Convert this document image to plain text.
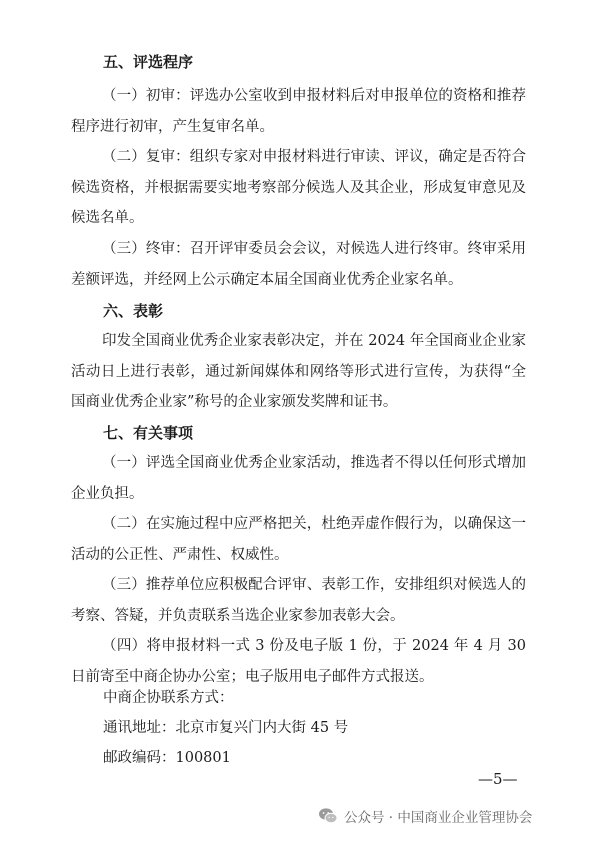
五、评选程序
（一）初审：评选办公室收到申报材料后对申报单位的资格和推荐程序进行初审，产生复审名单。
（二）复审：组织专家对申报材料进行审读、评议，确定是否符合候选资格，并根据需要实地考察部分候选人及其企业，形成复审意见及候选名单。
（三）终审：召开评审委员会会议，对候选人进行终审。终审采用差额评选，并经网上公示确定本届全国商业优秀企业家名单。
六、表彰
印发全国商业优秀企业家表彰决定，并在 2024 年全国商业企业家活动日上进行表彰，通过新闻媒体和网络等形式进行宣传，为获得“全国商业优秀企业家”称号的企业家颁发奖牌和证书。
七、有关事项
（一）评选全国商业优秀企业家活动，推选者不得以任何形式增加企业负担。
（二）在实施过程中应严格把关，杜绝弄虚作假行为，以确保这一活动的公正性、严肃性、权威性。
（三）推荐单位应积极配合评审、表彰工作，安排组织对候选人的考察、答疑，并负责联系当选企业家参加表彰大会。
（四）将申报材料一式 3 份及电子版 1 份，于 2024 年 4 月 30 日前寄至中商企协办公室；电子版用电子邮件方式报送。
中商企协联系方式：
通讯地址：北京市复兴门内大街 45 号
邮政编码：100801
—5—
公众号 · 中国商业企业管理协会
